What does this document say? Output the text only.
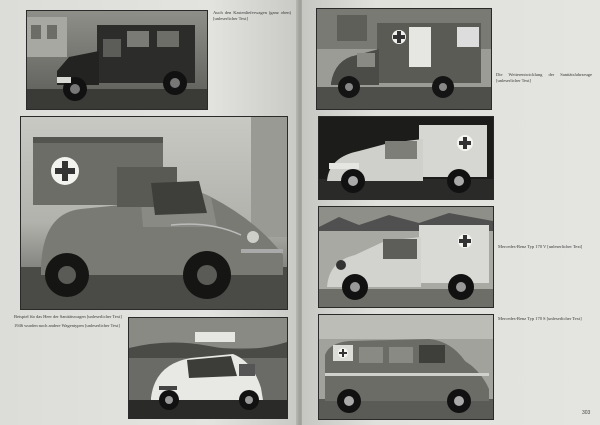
Auch den Kastenlieferwagen (ganz oben) [unleserlicher Text]

Beispiel für das Heer der Sanitätswagen [unleserlicher Text]

1946 wurden noch andere Wagentypen [unleserlicher Text]

Die Weiterentwicklung der Sanitätsfahrzeuge [unleserlicher Text]

Mercedes-Benz Typ 170 V [unleserlicher Text]

Mercedes-Benz Typ 170 S [unleserlicher Text]

303
